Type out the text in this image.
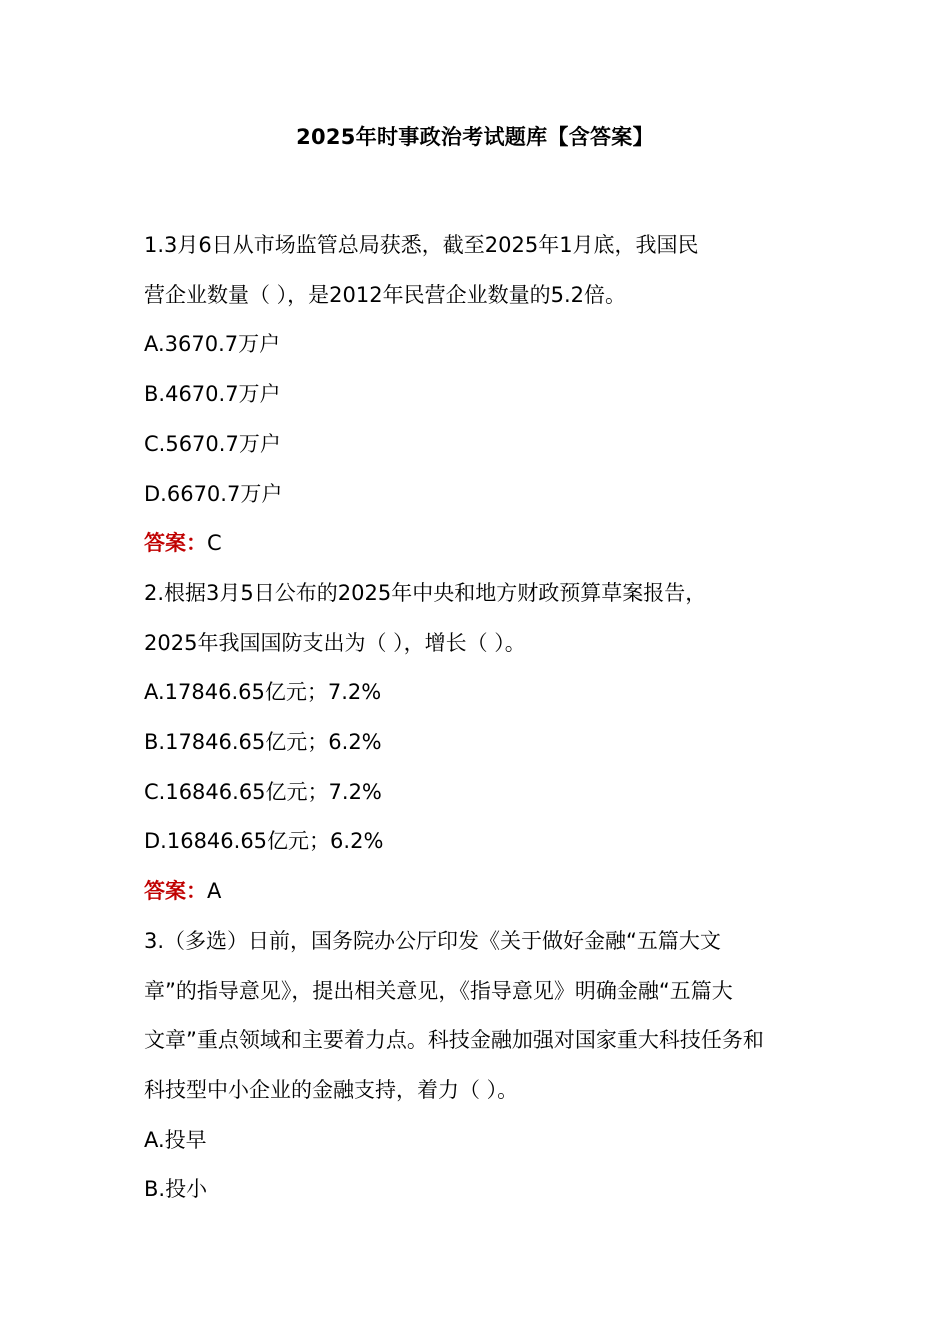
2025年时事政治考试题库【含答案】
1.3月6日从市场监管总局获悉，截至2025年1月底，我国民
营企业数量（ ），是2012年民营企业数量的5.2倍。
A.3670.7万户
B.4670.7万户
C.5670.7万户
D.6670.7万户
答案：C
2.根据3月5日公布的2025年中央和地方财政预算草案报告，
2025年我国国防支出为（ ），增长（ ）。
A.17846.65亿元；7.2%
B.17846.65亿元；6.2%
C.16846.65亿元；7.2%
D.16846.65亿元；6.2%
答案：A
3.（多选）日前，国务院办公厅印发《关于做好金融“五篇大文
章”的指导意见》，提出相关意见，《指导意见》明确金融“五篇大
文章”重点领域和主要着力点。科技金融加强对国家重大科技任务和
科技型中小企业的金融支持，着力（ ）。
A.投早
B.投小
